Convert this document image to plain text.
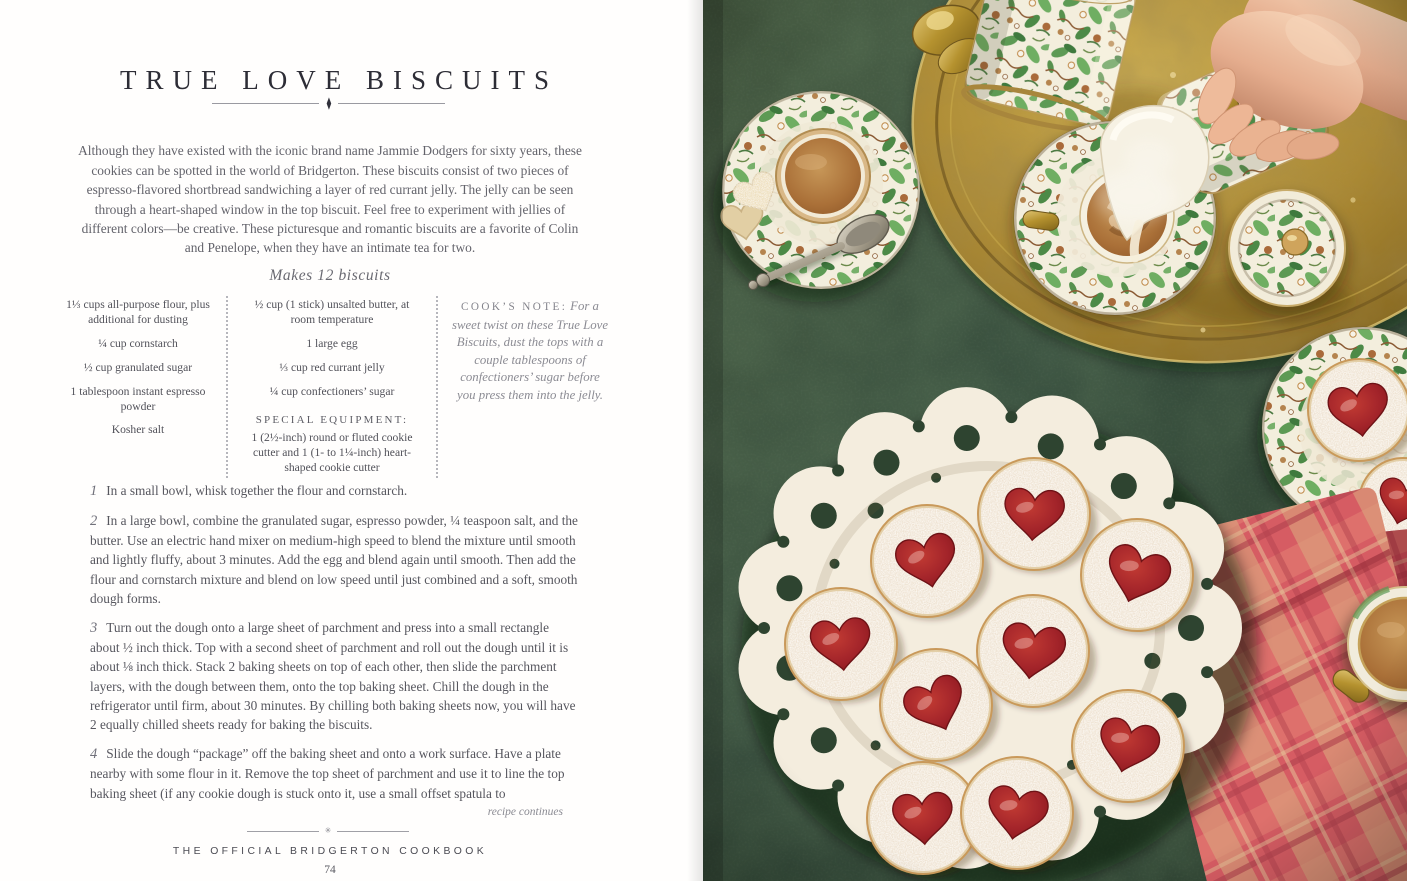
TRUE LOVE BISCUITS
⧫

Although they have existed with the iconic brand name Jammie Dodgers for sixty years, these cookies can be spotted in the world of Bridgerton. These biscuits consist of two pieces of espresso-flavored shortbread sandwiching a layer of red currant jelly. The jelly can be seen through a heart-shaped window in the top biscuit. Feel free to experiment with jellies of different colors—be creative. These picturesque and romantic biscuits are a favorite of Colin and Penelope, when they have an intimate tea for two.

Makes 12 biscuits

1⅓ cups all-purpose flour, plus additional for dusting
¼ cup cornstarch
½ cup granulated sugar
1 tablespoon instant espresso powder
Kosher salt
½ cup (1 stick) unsalted butter, at room temperature
1 large egg
⅓ cup red currant jelly
¼ cup confectioners’ sugar
SPECIAL EQUIPMENT:
1 (2½-inch) round or fluted cookie cutter and 1 (1- to 1¼-inch) heart-shaped cookie cutter

COOK’S NOTE: For a sweet twist on these True Love Biscuits, dust the tops with a couple tablespoons of confectioners’ sugar before you press them into the jelly.

1 In a small bowl, whisk together the flour and cornstarch.

2 In a large bowl, combine the granulated sugar, espresso powder, ¼ teaspoon salt, and the butter. Use an electric hand mixer on medium-high speed to blend the mixture until smooth and lightly fluffy, about 3 minutes. Add the egg and blend again until smooth. Then add the flour and cornstarch mixture and blend on low speed until just combined and a soft, smooth dough forms.

3 Turn out the dough onto a large sheet of parchment and press into a small rectangle about ½ inch thick. Top with a second sheet of parchment and roll out the dough until it is about ⅛ inch thick. Stack 2 baking sheets on top of each other, then slide the parchment layers, with the dough between them, onto the top baking sheet. Chill the dough in the refrigerator until firm, about 30 minutes. By chilling both baking sheets now, you will have 2 equally chilled sheets ready for baking the biscuits.

4 Slide the dough “package” off the baking sheet and onto a work surface. Have a plate nearby with some flour in it. Remove the top sheet of parchment and use it to line the top baking sheet (if any cookie dough is stuck onto it, use a small offset spatula to

recipe continues

✳
THE OFFICIAL BRIDGERTON COOKBOOK
74
